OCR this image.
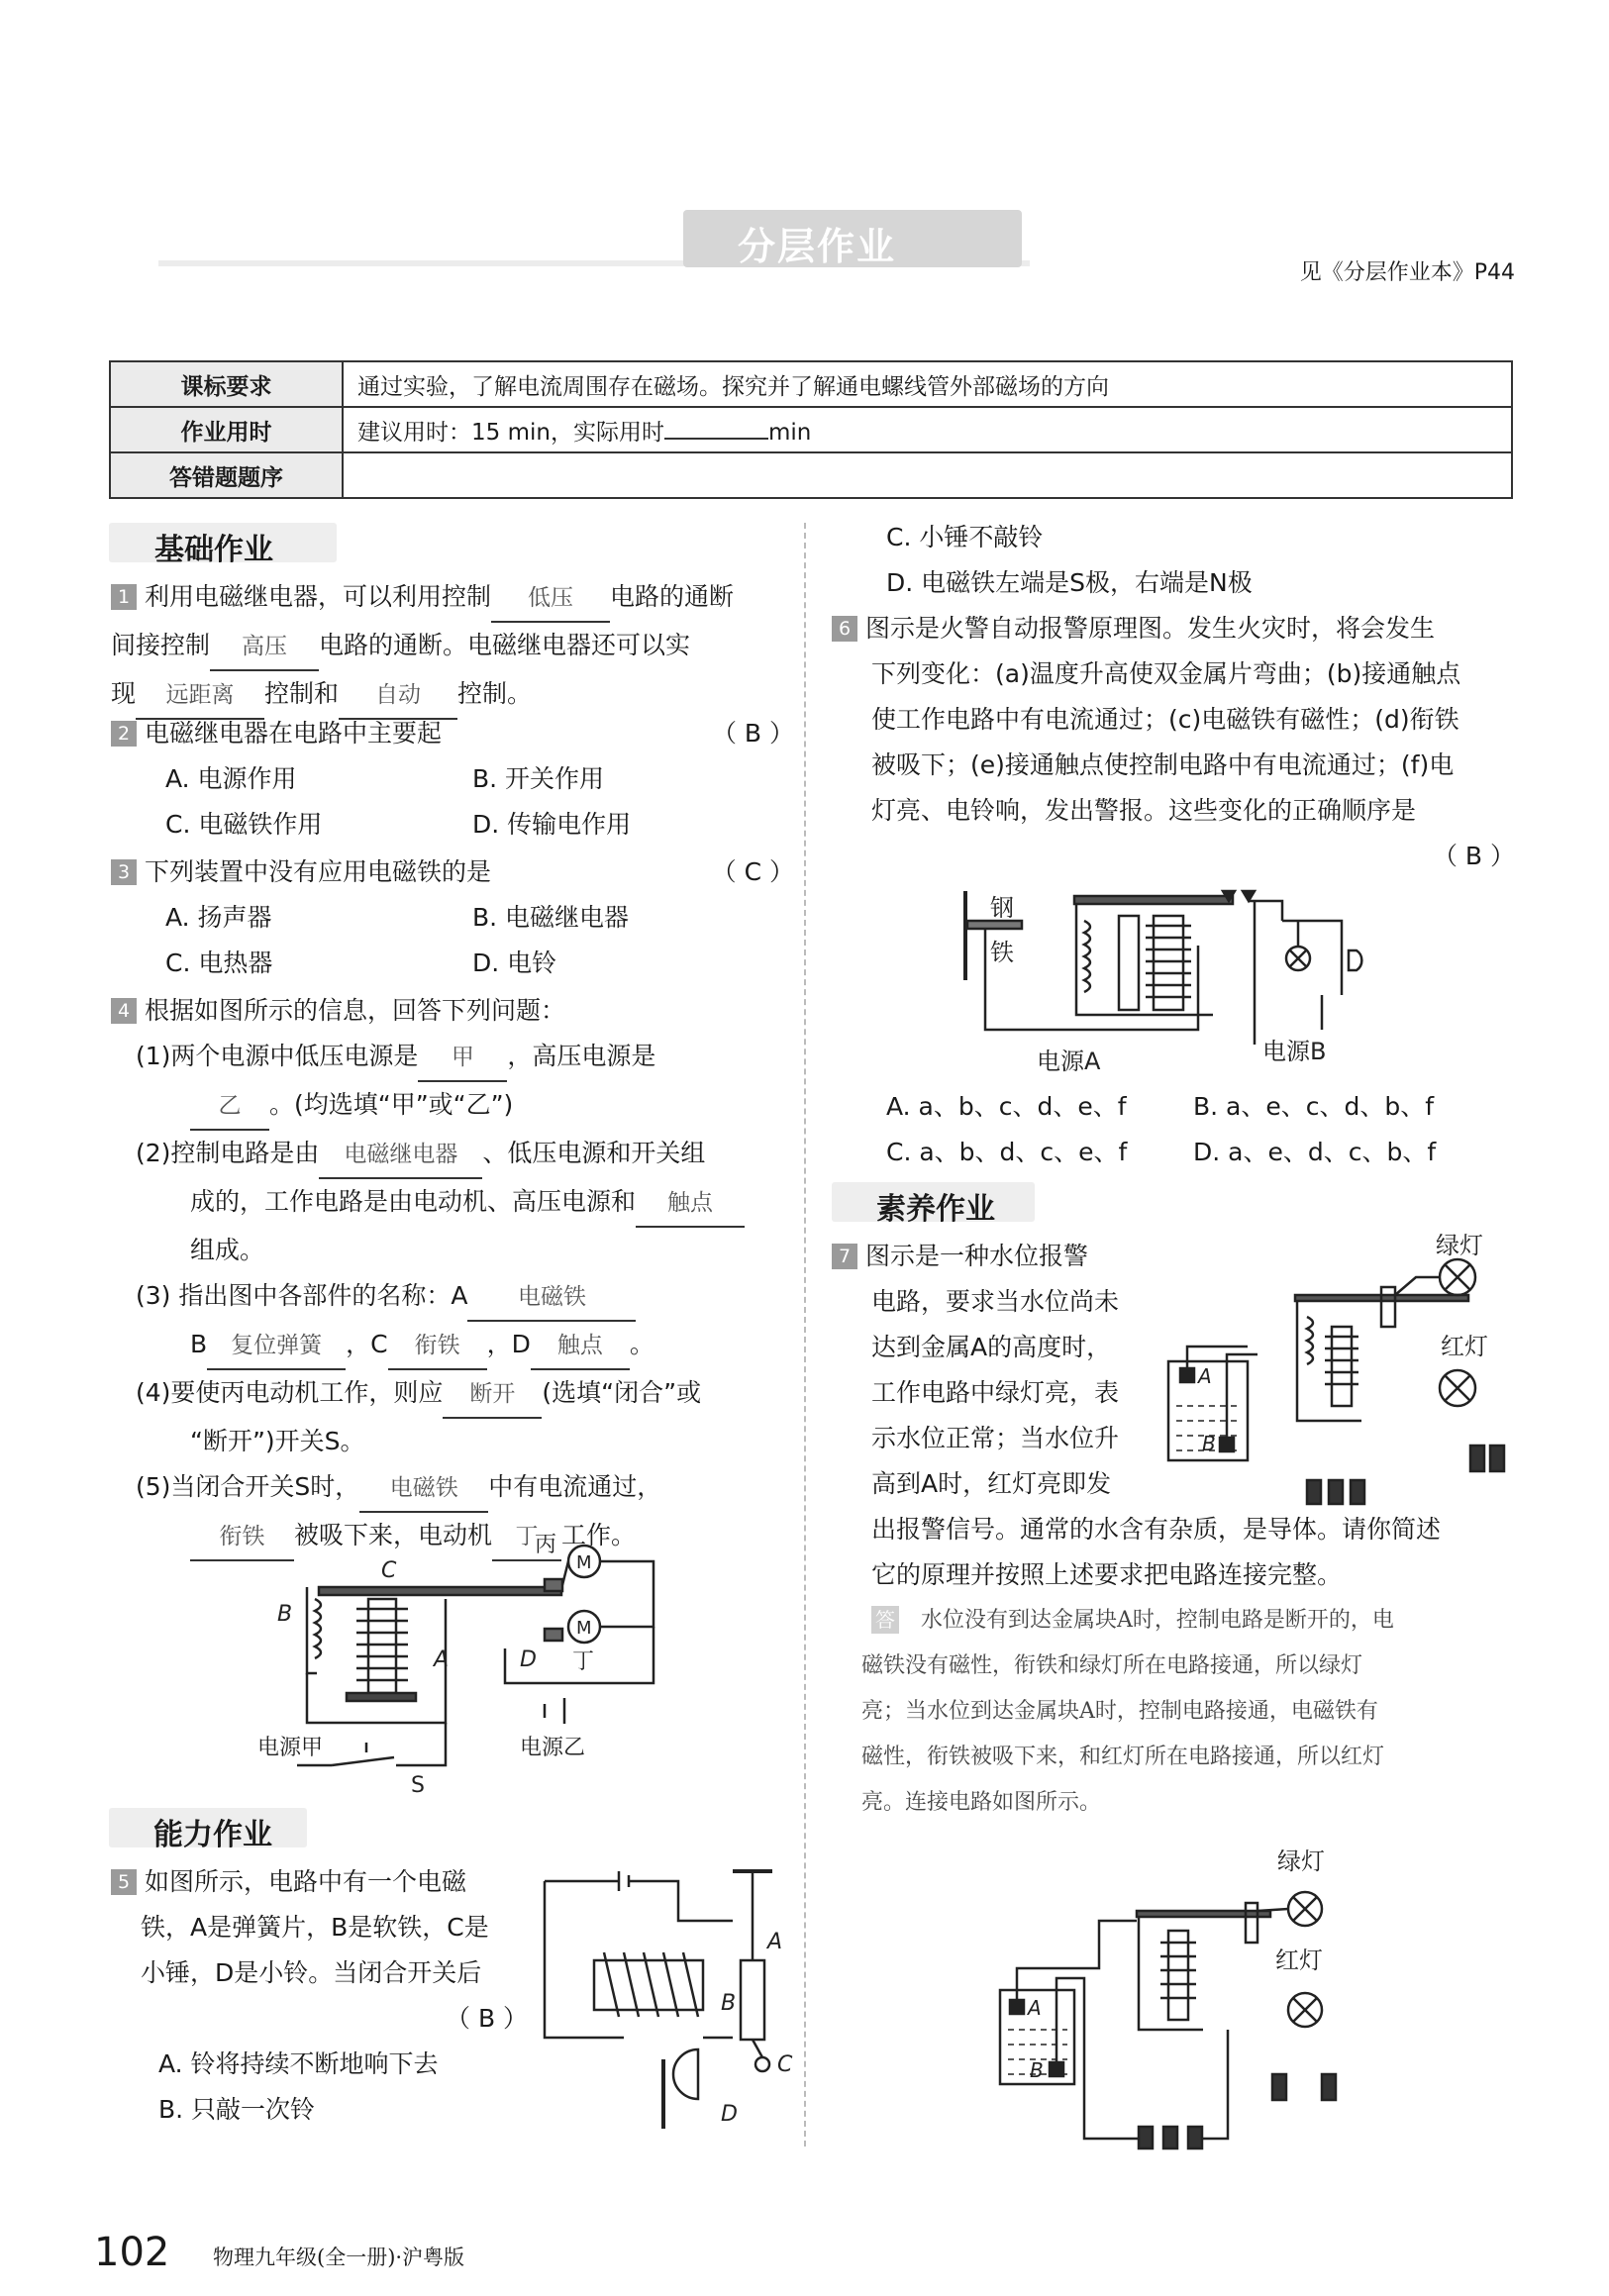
分层作业
见《分层作业本》P44
课标要求	通过实验，了解电流周围存在磁场。探究并了解通电螺线管外部磁场的方向
作业用时	建议用时：15 min，实际用时 min
答错题题序	
基础作业
1 利用电磁继电器，可以利用控制 低压 电路的通断
间接控制 高压 电路的通断。电磁继电器还可以实
现 远距离 控制和 自动 控制。
2 电磁继电器在电路中主要起	（ B ）
A. 电源作用	B. 开关作用
C. 电磁铁作用	D. 传输电作用
3 下列装置中没有应用电磁铁的是	（ C ）
A. 扬声器	B. 电磁继电器
C. 电热器	D. 电铃
4 根据如图所示的信息，回答下列问题：
(1)两个电源中低压电源是 甲 ，高压电源是
乙 。(均选填“甲”或“乙”)
(2)控制电路是由 电磁继电器 、低压电源和开关组
成的，工作电路是由电动机、高压电源和 触点
组成。
(3) 指出图中各部件的名称：A 电磁铁
B 复位弹簧 ，C 衔铁 ，D 触点 。
(4)要使丙电动机工作，则应 断开 (选填“闭合”或
“断开”)开关S。
(5)当闭合开关S时， 电磁铁 中有电流通过，
衔铁 被吸下来，电动机 丁 工作。
B
C
A	D
丙
M
M
丁
电源甲	电源乙
S
能力作业
5 如图所示，电路中有一个电磁
铁，A是弹簧片，B是软铁，C是
小锤，D是小铃。当闭合开关后
（ B ）
A. 铃将持续不断地响下去
B. 只敲一次铃
A
B
C
D
C. 小锤不敲铃
D. 电磁铁左端是S极，右端是N极
6 图示是火警自动报警原理图。发生火灾时，将会发生
下列变化：(a)温度升高使双金属片弯曲；(b)接通触点
使工作电路中有电流通过；(c)电磁铁有磁性；(d)衔铁
被吸下；(e)接通触点使控制电路中有电流通过；(f)电
灯亮、电铃响，发出警报。这些变化的正确顺序是
（ B ）
钢
铁
电源A	电源B
A. a、b、c、d、e、f	B. a、e、c、d、b、f
C. a、b、d、c、e、f	D. a、e、d、c、b、f
素养作业
7 图示是一种水位报警
电路，要求当水位尚未
达到金属A的高度时，
工作电路中绿灯亮，表
示水位正常；当水位升
高到A时，红灯亮即发
出报警信号。通常的水含有杂质，是导体。请你简述
它的原理并按照上述要求把电路连接完整。
绿灯
红灯
A
B
答	水位没有到达金属块A时，控制电路是断开的，电
磁铁没有磁性，衔铁和绿灯所在电路接通，所以绿灯
亮；当水位到达金属块A时，控制电路接通，电磁铁有
磁性，衔铁被吸下来，和红灯所在电路接通，所以红灯
亮。连接电路如图所示。
绿灯
红灯
A
B
102 物理九年级(全一册)·沪粤版
